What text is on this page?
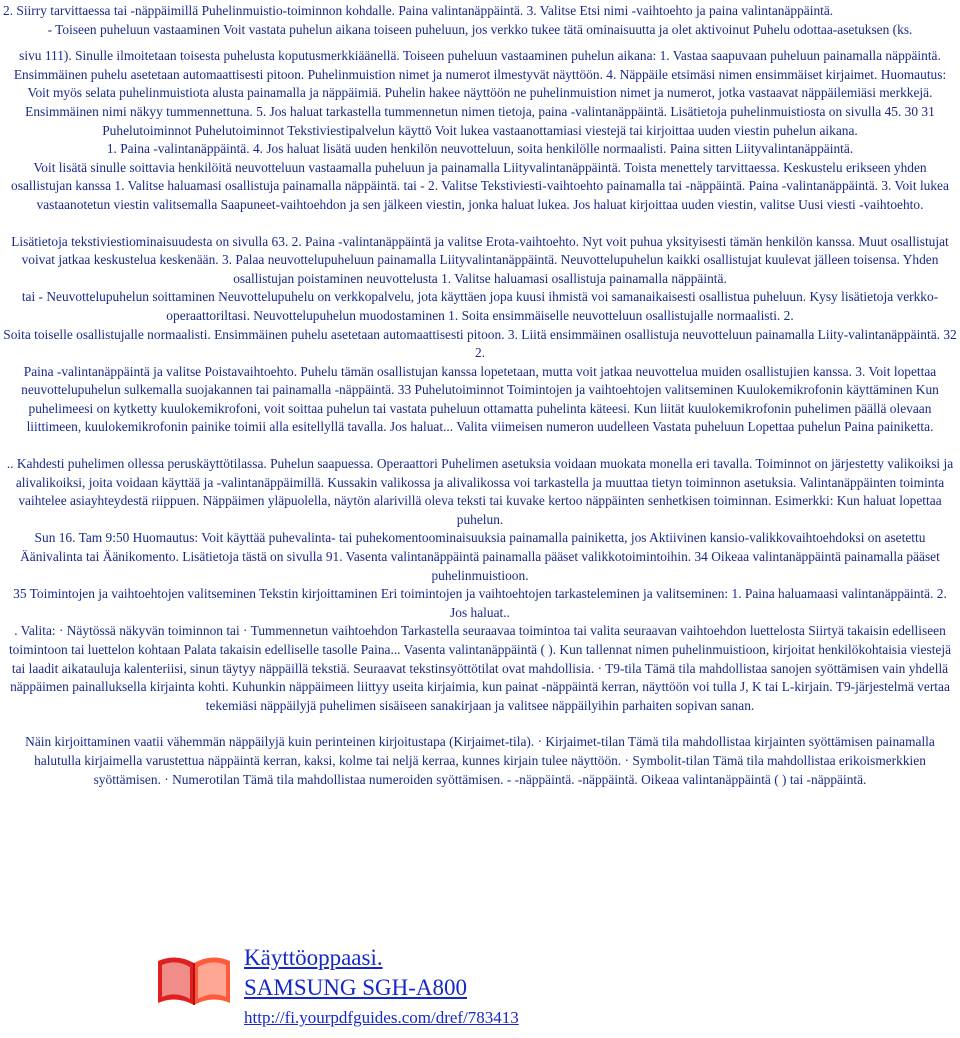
2. Siirry tarvittaessa tai -näppäimillä Puhelinmuistio-toiminnon kohdalle. Paina valintanäppäintä. 3. Valitse Etsi nimi -vaihtoehto ja paina valintanäppäintä.

- Toiseen puheluun vastaaminen Voit vastata puhelun aikana toiseen puheluun, jos verkko tukee tätä ominaisuutta ja olet aktivoinut Puhelu odottaa-asetuksen (ks.

sivu 111). Sinulle ilmoitetaan toisesta puhelusta koputusmerkkiäänellä. Toiseen puheluun vastaaminen puhelun aikana: 1. Vastaa saapuvaan puheluun painamalla näppäintä. Ensimmäinen puhelu asetetaan automaattisesti pitoon. Puhelinmuistion nimet ja numerot ilmestyvät näyttöön. 4. Näppäile etsimäsi nimen ensimmäiset kirjaimet. Huomautus: Voit myös selata puhelinmuistiota alusta painamalla ja näppäimiä. Puhelin hakee näyttöön ne puhelinmuistion nimet ja numerot, jotka vastaavat näppäilemiäsi merkkejä.

Ensimmäinen nimi näkyy tummennettuna. 5. Jos haluat tarkastella tummennetun nimen tietoja, paina -valintanäppäintä. Lisätietoja puhelinmuistiosta on sivulla 45. 30 31 Puhelutoiminnot Puhelutoiminnot Tekstiviestipalvelun käyttö Voit lukea vastaanottamiasi viestejä tai kirjoittaa uuden viestin puhelun aikana.

1. Paina -valintanäppäintä. 4. Jos haluat lisätä uuden henkilön neuvotteluun, soita henkilölle normaalisti. Paina sitten Liityvalintanäppäintä.

Voit lisätä sinulle soittavia henkilöitä neuvotteluun vastaamalla puheluun ja painamalla Liityvalintanäppäintä. Toista menettely tarvittaessa. Keskustelu erikseen yhden osallistujan kanssa 1. Valitse haluamasi osallistuja painamalla näppäintä. tai - 2. Valitse Tekstiviesti-vaihtoehto painamalla tai -näppäintä. Paina -valintanäppäintä. 3. Voit lukea vastaanotetun viestin valitsemalla Saapuneet-vaihtoehdon ja sen jälkeen viestin, jonka haluat lukea. Jos haluat kirjoittaa uuden viestin, valitse Uusi viesti -vaihtoehto.

Lisätietoja tekstiviestiominaisuudesta on sivulla 63. 2. Paina -valintanäppäintä ja valitse Erota-vaihtoehto. Nyt voit puhua yksityisesti tämän henkilön kanssa. Muut osallistujat voivat jatkaa keskustelua keskenään. 3. Palaa neuvottelupuheluun painamalla Liityvalintanäppäintä. Neuvottelupuhelun kaikki osallistujat kuulevat jälleen toisensa. Yhden osallistujan poistaminen neuvottelusta 1. Valitse haluamasi osallistuja painamalla näppäintä.

tai - Neuvottelupuhelun soittaminen Neuvottelupuhelu on verkkopalvelu, jota käyttäen jopa kuusi ihmistä voi samanaikaisesti osallistua puheluun. Kysy lisätietoja verkko-operaattoriltasi. Neuvottelupuhelun muodostaminen 1. Soita ensimmäiselle neuvotteluun osallistujalle normaalisti. 2.

Soita toiselle osallistujalle normaalisti. Ensimmäinen puhelu asetetaan automaattisesti pitoon. 3. Liitä ensimmäinen osallistuja neuvotteluun painamalla Liity-valintanäppäintä. 32 2.

Paina -valintanäppäintä ja valitse Poistavaihtoehto. Puhelu tämän osallistujan kanssa lopetetaan, mutta voit jatkaa neuvottelua muiden osallistujien kanssa. 3. Voit lopettaa neuvottelupuhelun sulkemalla suojakannen tai painamalla -näppäintä. 33 Puhelutoiminnot Toimintojen ja vaihtoehtojen valitseminen Kuulokemikrofonin käyttäminen Kun puhelimeesi on kytketty kuulokemikrofoni, voit soittaa puhelun tai vastata puheluun ottamatta puhelinta käteesi. Kun liität kuulokemikrofonin puhelimen päällä olevaan liittimeen, kuulokemikrofonin painike toimii alla esitellyllä tavalla. Jos haluat... Valita viimeisen numeron uudelleen Vastata puheluun Lopettaa puhelun Paina painiketta.

.. Kahdesti puhelimen ollessa peruskäyttötilassa. Puhelun saapuessa. Operaattori Puhelimen asetuksia voidaan muokata monella eri tavalla. Toiminnot on järjestetty valikoiksi ja alivalikoiksi, joita voidaan käyttää ja -valintanäppäimillä. Kussakin valikossa ja alivalikossa voi tarkastella ja muuttaa tietyn toiminnon asetuksia. Valintanäppäinten toiminta vaihtelee asiayhteydestä riippuen. Näppäimen yläpuolella, näytön alarivillä oleva teksti tai kuvake kertoo näppäinten senhetkisen toiminnan. Esimerkki: Kun haluat lopettaa puhelun.

Sun 16. Tam 9:50 Huomautus: Voit käyttää puhevalinta- tai puhekomentoominaisuuksia painamalla painiketta, jos Aktiivinen kansio-valikkovaihtoehdoksi on asetettu Äänivalinta tai Äänikomento. Lisätietoja tästä on sivulla 91. Vasenta valintanäppäintä painamalla pääset valikkotoimintoihin. 34 Oikeaa valintanäppäintä painamalla pääset puhelinmuistioon.

35 Toimintojen ja vaihtoehtojen valitseminen Tekstin kirjoittaminen Eri toimintojen ja vaihtoehtojen tarkasteleminen ja valitseminen: 1. Paina haluamaasi valintanäppäintä. 2. Jos haluat..

. Valita: · Näytössä näkyvän toiminnon tai · Tummennetun vaihtoehdon Tarkastella seuraavaa toimintoa tai valita seuraavan vaihtoehdon luettelosta Siirtyä takaisin edelliseen toimintoon tai luettelon kohtaan Palata takaisin edelliselle tasolle Paina... Vasenta valintanäppäintä ( ). Kun tallennat nimen puhelinmuistioon, kirjoitat henkilökohtaisia viestejä tai laadit aikatauluja kalenteriisi, sinun täytyy näppäillä tekstiä. Seuraavat tekstinsyöttötilat ovat mahdollisia. · T9-tila Tämä tila mahdollistaa sanojen syöttämisen vain yhdellä näppäimen painalluksella kirjainta kohti. Kuhunkin näppäimeen liittyy useita kirjaimia, kun painat -näppäintä kerran, näyttöön voi tulla J, K tai L-kirjain. T9-järjestelmä vertaa tekemiäsi näppäilyjä puhelimen sisäiseen sanakirjaan ja valitsee näppäilyihin parhaiten sopivan sanan.

Näin kirjoittaminen vaatii vähemmän näppäilyjä kuin perinteinen kirjoitustapa (Kirjaimet-tila). · Kirjaimet-tilan Tämä tila mahdollistaa kirjainten syöttämisen painamalla halutulla kirjaimella varustettua näppäintä kerran, kaksi, kolme tai neljä kerraa, kunnes kirjain tulee näyttöön. · Symbolit-tilan Tämä tila mahdollistaa erikoismerkkien syöttämisen. · Numerotilan Tämä tila mahdollistaa numeroiden syöttämisen. - -näppäintä. -näppäintä. Oikeaa valintanäppäintä ( ) tai -näppäintä.

Käyttöoppaasi.
SAMSUNG SGH-A800
http://fi.yourpdfguides.com/dref/783413
